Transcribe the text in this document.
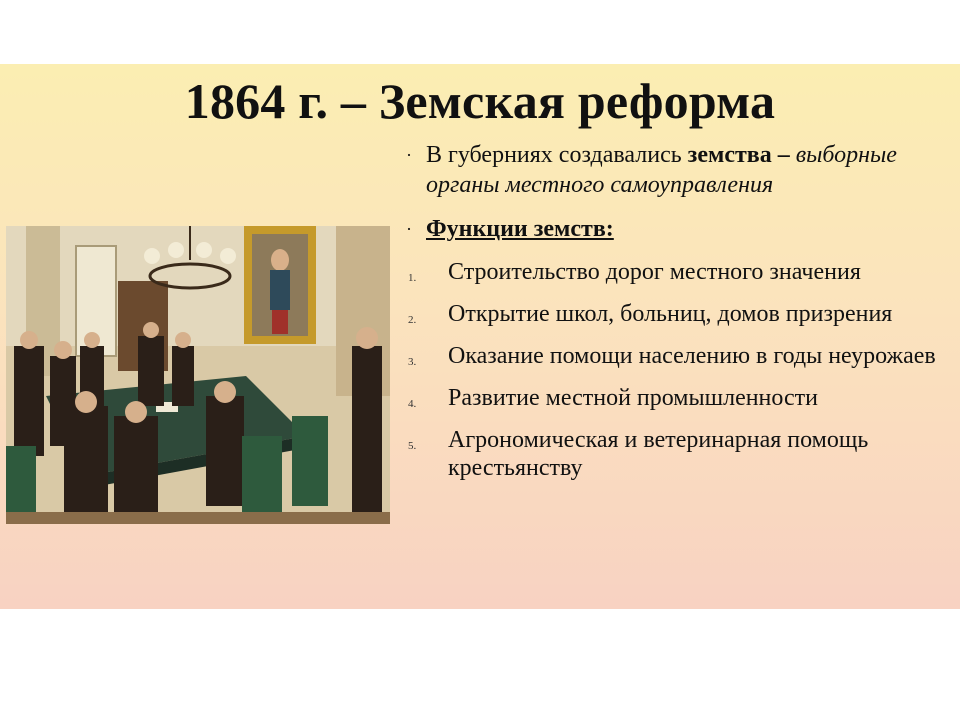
1864 г. – Земская реформа
· В губерниях создавались земства – выборные органы местного самоуправления
· Функции земств:
1. Строительство дорог местного значения
2. Открытие школ, больниц, домов призрения
3. Оказание помощи населению в годы неурожаев
4. Развитие местной промышленности
5. Агрономическая и ветеринарная помощь крестьянству
